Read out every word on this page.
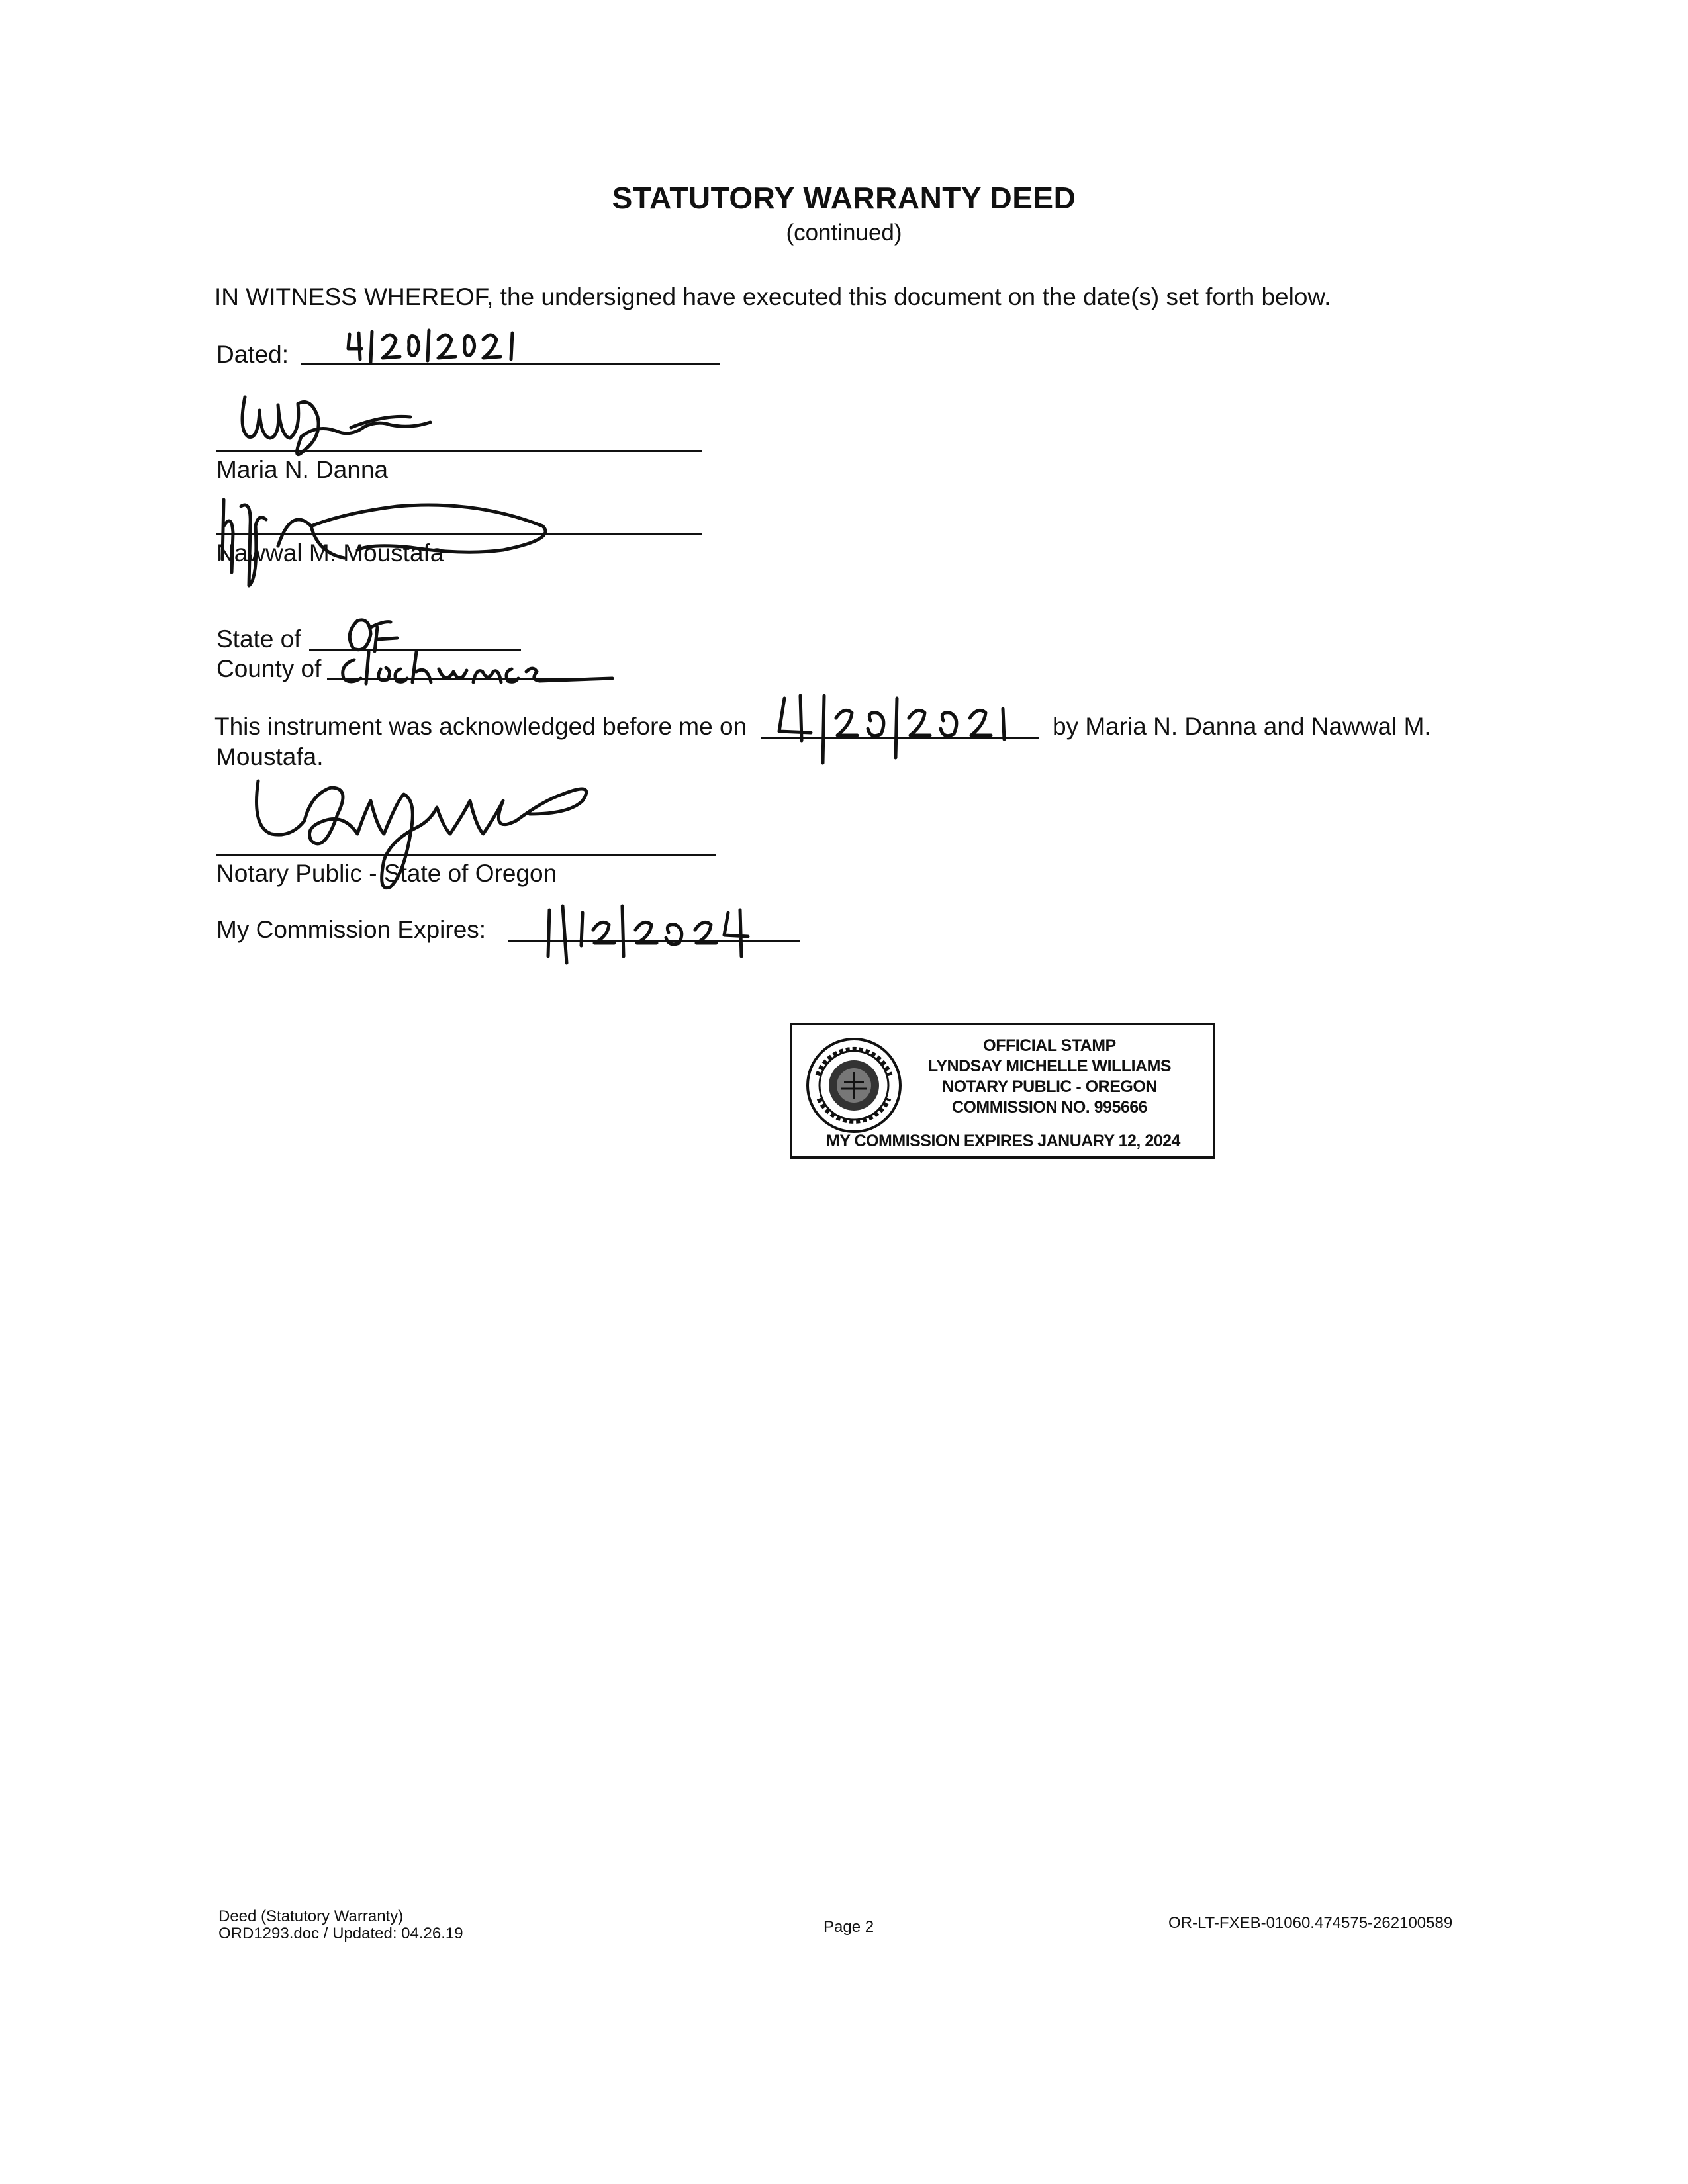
STATUTORY WARRANTY DEED
(continued)
IN WITNESS WHEREOF, the undersigned have executed this document on the date(s) set forth below.
Dated:
Maria N. Danna
Nawwal M. Moustafa
State of
County of
This instrument was acknowledged before me on	by Maria N. Danna and Nawwal M.
Moustafa.
Notary Public - State of Oregon
My Commission Expires:
OFFICIAL STAMP
LYNDSAY MICHELLE WILLIAMS
NOTARY PUBLIC - OREGON
COMMISSION NO. 995666
MY COMMISSION EXPIRES JANUARY 12, 2024
Deed (Statutory Warranty)
ORD1293.doc / Updated: 04.26.19	Page 2	OR-LT-FXEB-01060.474575-262100589
